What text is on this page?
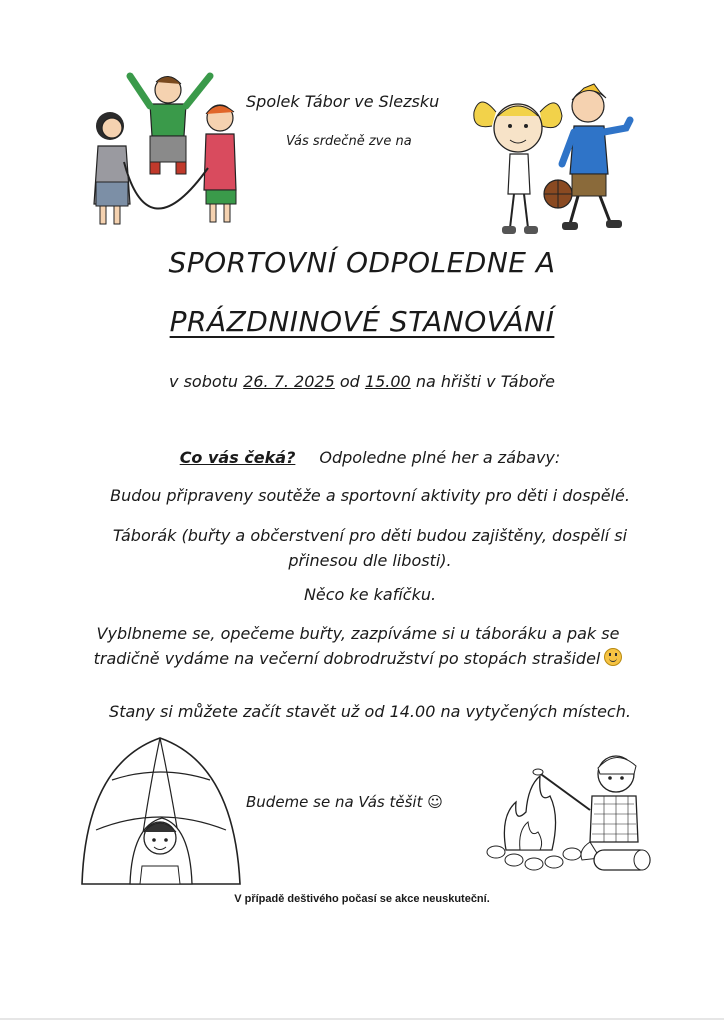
Spolek Tábor ve Slezsku
Vás srdečně zve na
SPORTOVNÍ ODPOLEDNE A
PRÁZDNINOVÉ STANOVÁNÍ
v sobotu 26. 7. 2025 od 15.00 na hřišti v Táboře
Co vás čeká? Odpoledne plné her a zábavy:
Budou připraveny soutěže a sportovní aktivity pro děti i dospělé.
Táborák (buřty a občerstvení pro děti budou zajištěny, dospělí si přinesou dle libosti).
Něco ke kafíčku.
Vyblbneme se, opečeme buřty, zazpíváme si u táboráku a pak se tradičně vydáme na večerní dobrodružství po stopách strašidel
Stany si můžete začít stavět už od 14.00 na vytyčených místech.
Budeme se na Vás těšit ☺
V případě deštivého počasí se akce neuskuteční.
